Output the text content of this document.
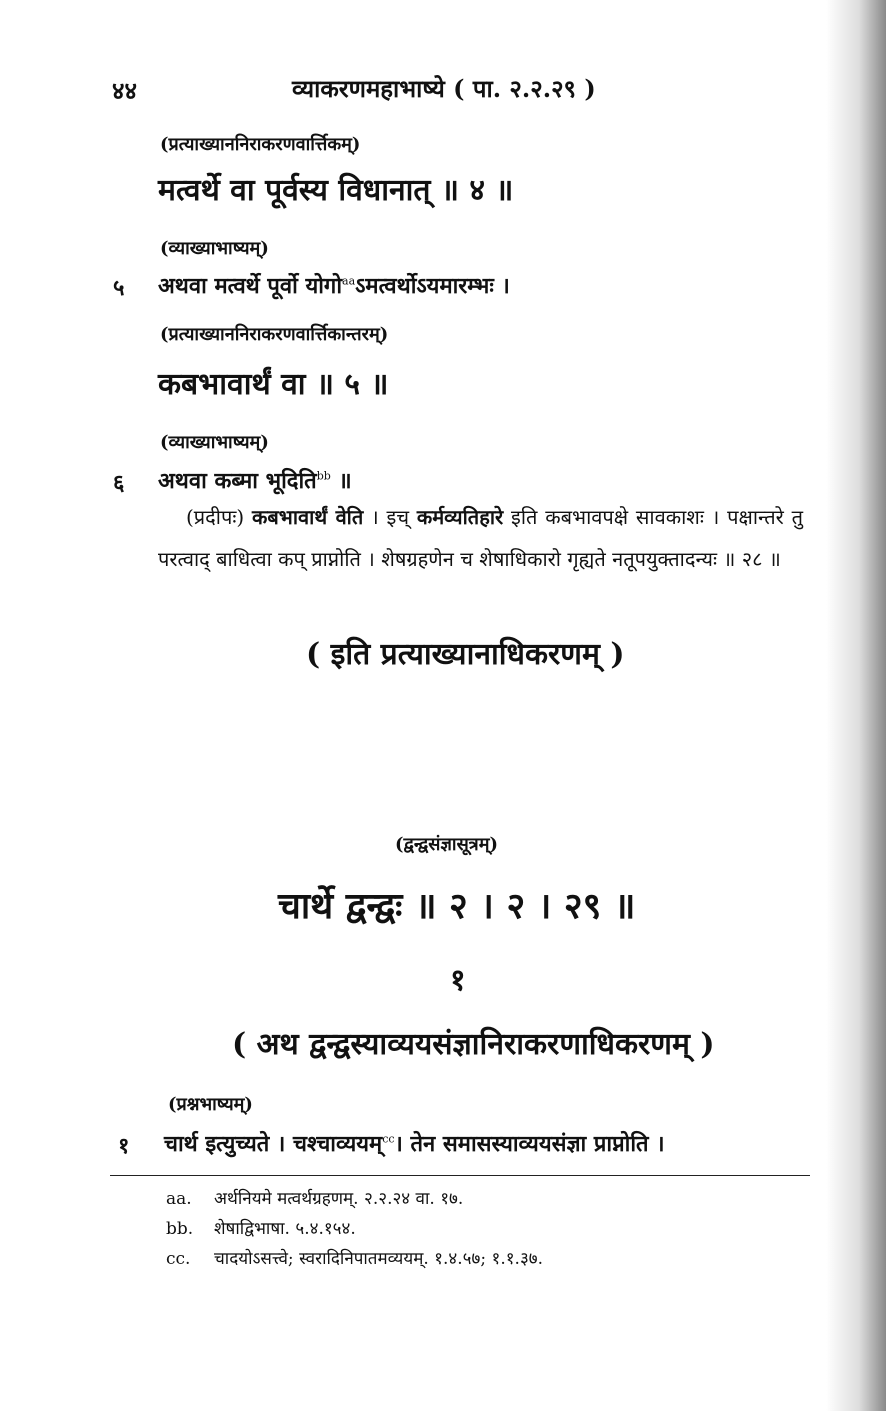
४४	व्याकरणमहाभाष्ये ( पा. २.२.२९ )
(प्रत्याख्याननिराकरणवार्त्तिकम्)
मत्वर्थे वा पूर्वस्य विधानात् ॥ ४ ॥
(व्याख्याभाष्यम्)
५ अथवा मत्वर्थे पूर्वो योगो$^{aa}$ऽमत्वर्थोऽयमारम्भः ।
(प्रत्याख्याननिराकरणवार्त्तिकान्तरम्)
कबभावार्थं वा ॥ ५ ॥
(व्याख्याभाष्यम्)
६ अथवा कब्मा भूदिति$^{bb}$ ॥
(प्रदीपः) कबभावार्थं वेति । इच् कर्मव्यतिहारे इति कबभावपक्षे सावकाशः । पक्षान्तरे तु परत्वाद् बाधित्वा कप् प्राप्नोति । शेषग्रहणेन च शेषाधिकारो गृह्यते नतूपयुक्तादन्यः ॥ २८ ॥
( इति प्रत्याख्यानाधिकरणम् )
(द्वन्द्वसंज्ञासूत्रम्)
चार्थे द्वन्द्वः ॥ २ । २ । २९ ॥
१
( अथ द्वन्द्वस्याव्ययसंज्ञानिराकरणाधिकरणम् )
(प्रश्नभाष्यम्)
१ चार्थ इत्युच्यते । चश्चाव्ययम्$^{cc}$। तेन समासस्याव्ययसंज्ञा प्राप्नोति ।
aa. अर्थनियमे मत्वर्थग्रहणम्. २.२.२४ वा. १७.
bb. शेषाद्विभाषा. ५.४.१५४.
cc. चादयोऽसत्त्वे; स्वरादिनिपातमव्ययम्. १.४.५७; १.१.३७.
